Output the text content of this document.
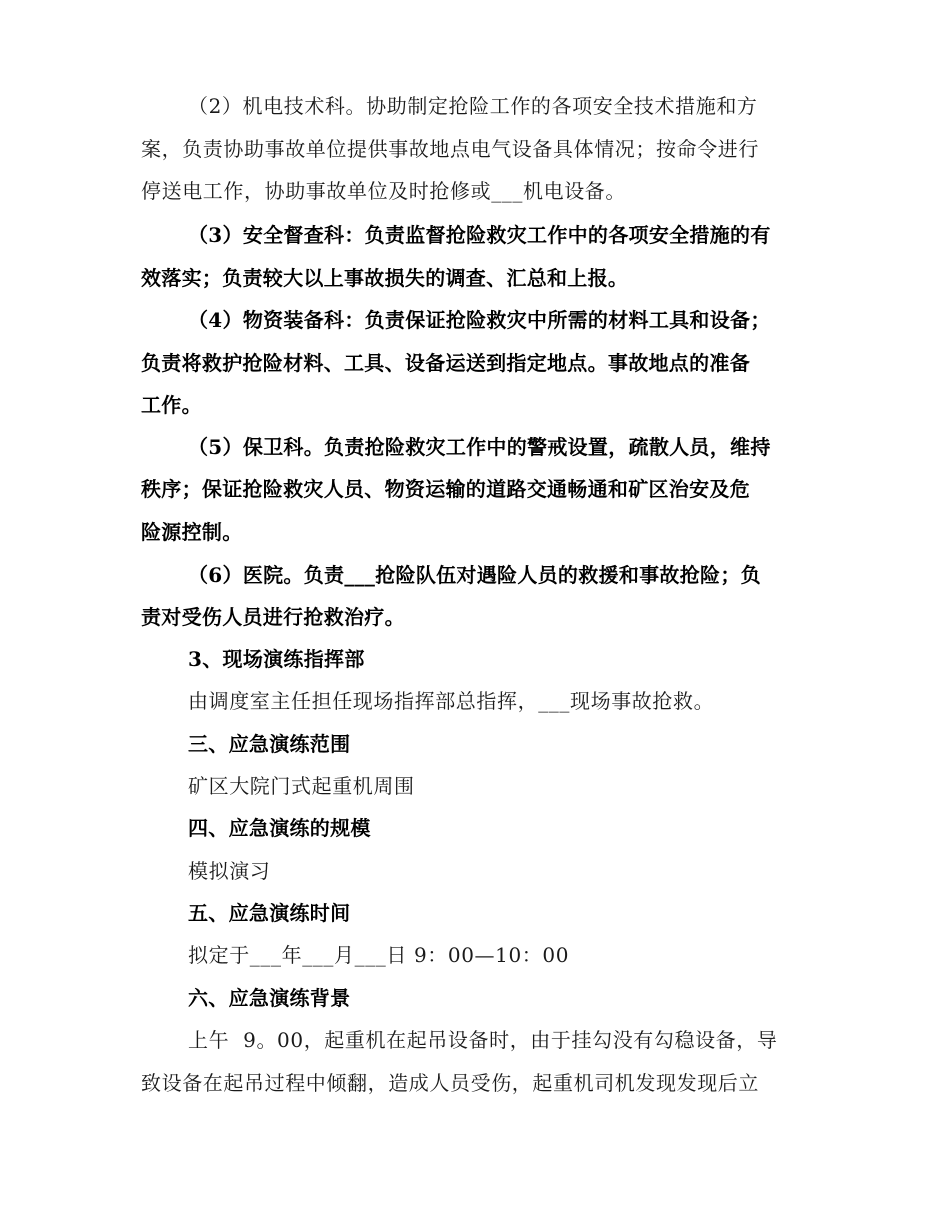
（2）机电技术科。协助制定抢险工作的各项安全技术措施和方
案，负责协助事故单位提供事故地点电气设备具体情况；按命令进行
停送电工作，协助事故单位及时抢修或___机电设备。
（3）安全督查科：负责监督抢险救灾工作中的各项安全措施的有
效落实；负责较大以上事故损失的调查、汇总和上报。
（4）物资装备科：负责保证抢险救灾中所需的材料工具和设备；
负责将救护抢险材料、工具、设备运送到指定地点。事故地点的准备
工作。
（5）保卫科。负责抢险救灾工作中的警戒设置，疏散人员，维持
秩序；保证抢险救灾人员、物资运输的道路交通畅通和矿区治安及危
险源控制。
（6）医院。负责___抢险队伍对遇险人员的救援和事故抢险；负
责对受伤人员进行抢救治疗。
3、现场演练指挥部
由调度室主任担任现场指挥部总指挥，___现场事故抢救。
三、应急演练范围
矿区大院门式起重机周围
四、应急演练的规模
模拟演习
五、应急演练时间
拟定于___年___月___日 9：00—10：00
六、应急演练背景
上午  9。00，起重机在起吊设备时，由于挂勾没有勾稳设备，导
致设备在起吊过程中倾翻，造成人员受伤，起重机司机发现发现后立
